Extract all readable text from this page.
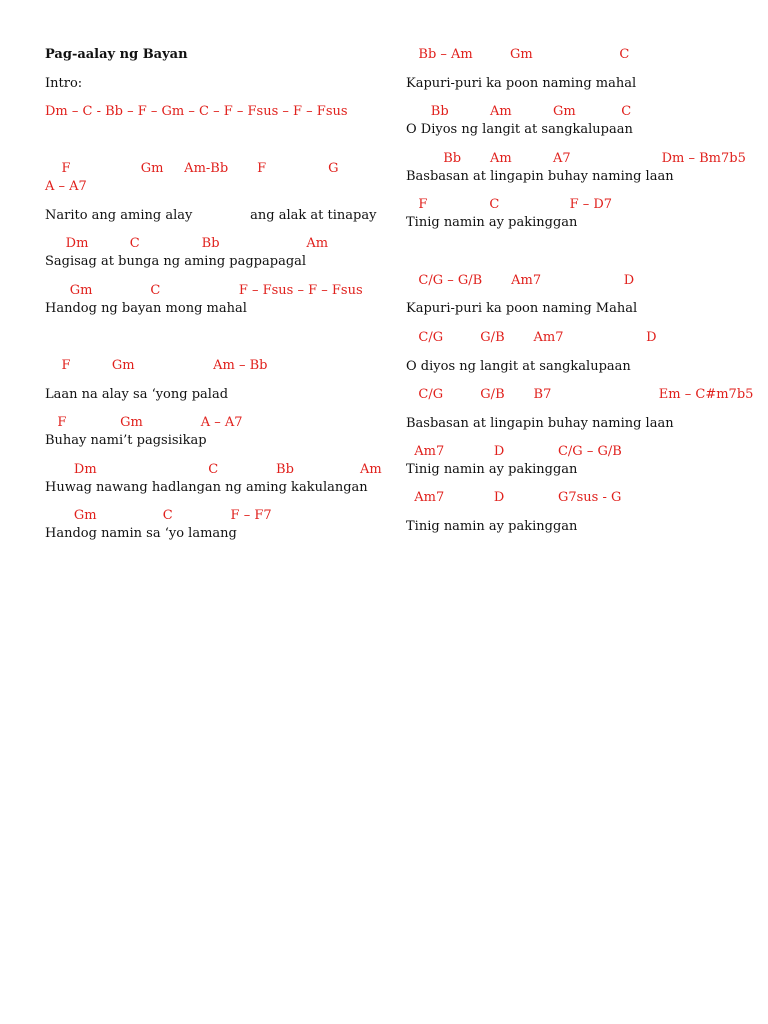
Pag-aalay ng Bayan
Intro:
Dm – C - Bb – F – Gm – C – F – Fsus – F – Fsus
F                 Gm     Am-Bb       F               G          A – A7
Narito ang aming alay              ang alak at tinapay
Dm          C               Bb                     Am
Sagisag at bunga ng aming pagpapagal
Gm              C                   F – Fsus – F – Fsus
Handog ng bayan mong mahal
F          Gm                   Am – Bb
Laan na alay sa ‘yong palad
F             Gm              A – A7
Buhay nami’t pagsisikap
Dm                           C              Bb                Am
Huwag nawang hadlangan ng aming kakulangan
Gm                C              F – F7
Handog namin sa ‘yo lamang
Bb – Am         Gm                     C
Kapuri-puri ka poon naming mahal
Bb          Am          Gm           C
O Diyos ng langit at sangkalupaan
Bb       Am          A7                      Dm – Bm7b5
Basbasan at lingapin buhay naming laan
F               C                 F – D7
Tinig namin ay pakinggan
C/G – G/B       Am7                    D
Kapuri-puri ka poon naming Mahal
C/G         G/B       Am7                    D
O diyos ng langit at sangkalupaan
C/G         G/B       B7                          Em – C#m7b5
Basbasan at lingapin buhay naming laan
Am7            D             C/G – G/B
Tinig namin ay pakinggan
Am7            D             G7sus - G
Tinig namin ay pakinggan
